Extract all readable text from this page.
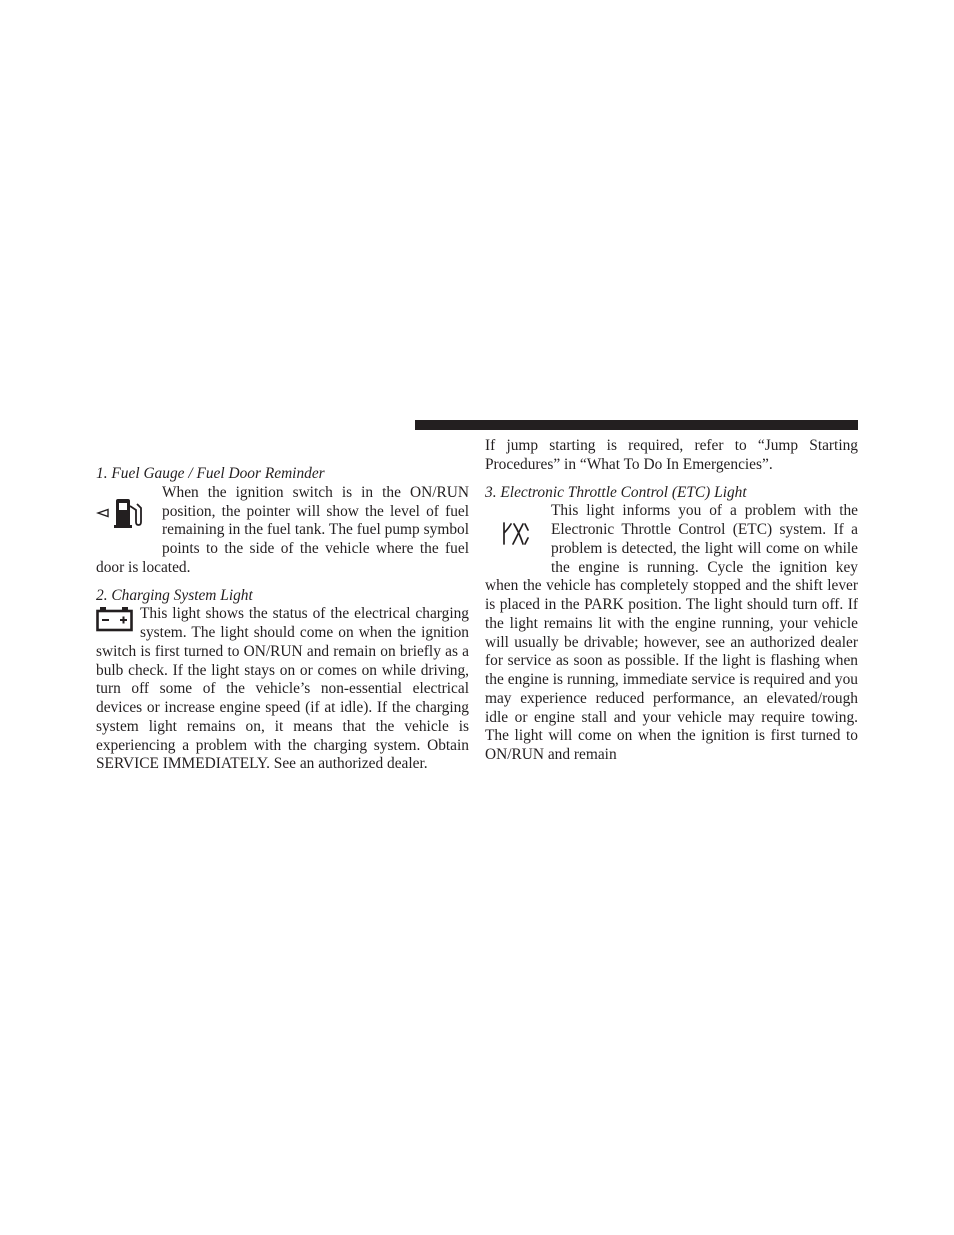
1. Fuel Gauge / Fuel Door Reminder

When the ignition switch is in the ON/RUN position, the pointer will show the level of fuel remaining in the fuel tank. The fuel pump symbol points to the side of the vehicle where the fuel door is located.

2. Charging System Light

This light shows the status of the electrical charging system. The light should come on when the ignition switch is first turned to ON/RUN and remain on briefly as a bulb check. If the light stays on or comes on while driving, turn off some of the vehicle’s non-essential electrical devices or increase engine speed (if at idle). If the charging system light remains on, it means that the vehicle is experiencing a problem with the charging system. Obtain SERVICE IMMEDIATELY. See an authorized dealer.

If jump starting is required, refer to “Jump Starting Procedures” in “What To Do In Emergencies”.

3. Electronic Throttle Control (ETC) Light

This light informs you of a problem with the Electronic Throttle Control (ETC) system. If a problem is detected, the light will come on while the engine is running. Cycle the ignition key when the vehicle has completely stopped and the shift lever is placed in the PARK position. The light should turn off. If the light remains lit with the engine running, your vehicle will usually be drivable; however, see an authorized dealer for service as soon as possible. If the light is flashing when the engine is running, immediate service is required and you may experience reduced performance, an elevated/rough idle or engine stall and your vehicle may require towing. The light will come on when the ignition is first turned to ON/RUN and remain
